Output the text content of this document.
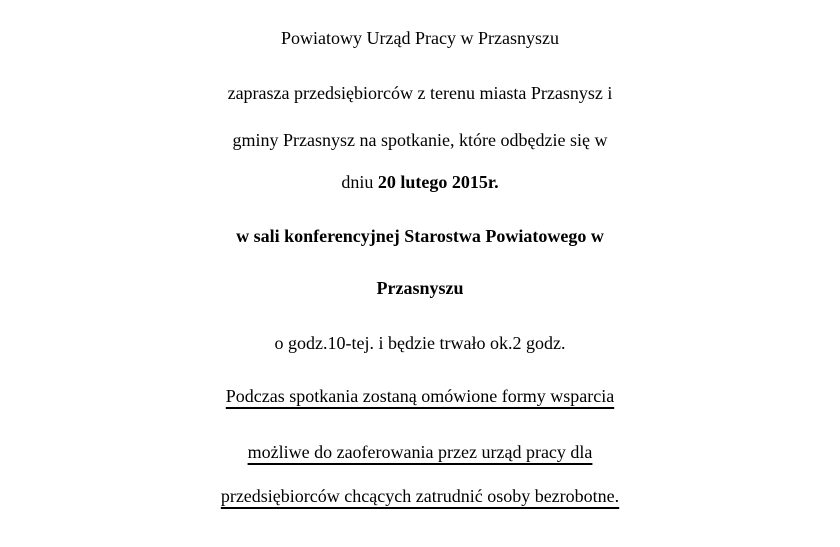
Powiatowy Urząd Pracy w Przasnyszu
zaprasza przedsiębiorców z terenu miasta Przasnysz i
gminy Przasnysz na spotkanie, które odbędzie się w
dniu 20 lutego 2015r.
w sali konferencyjnej Starostwa Powiatowego w
Przasnyszu
o godz.10-tej. i będzie trwało ok.2 godz.
Podczas spotkania zostaną omówione formy wsparcia
możliwe do zaoferowania przez urząd pracy dla
przedsiębiorców chcących zatrudnić osoby bezrobotne.
